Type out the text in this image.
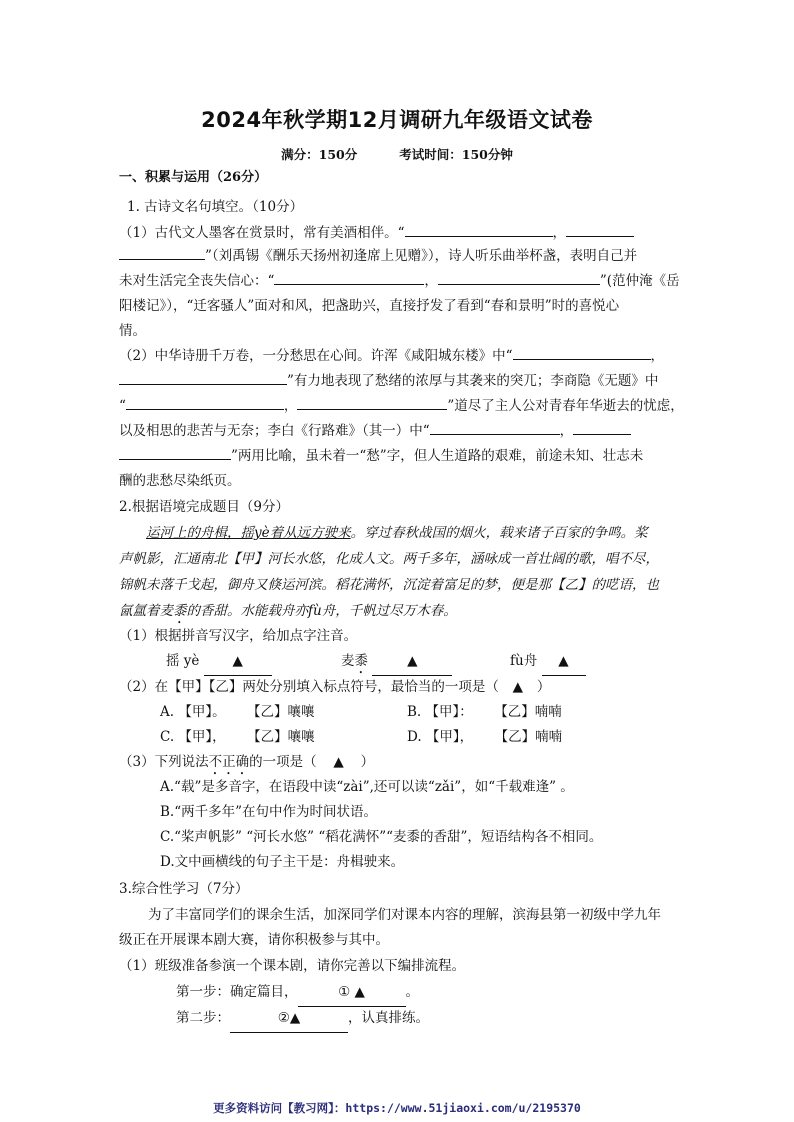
2024年秋学期12月调研九年级语文试卷
满分：150分	考试时间：150分钟
一、积累与运用（26分）
1. 古诗文名句填空。（10分）
（1）古代文人墨客在赏景时，常有美酒相伴。“	，
”（刘禹锡《酬乐天扬州初逢席上见赠》），诗人听乐曲举杯盏，表明自己并
未对生活完全丧失信心：“	，	”(范仲淹《岳
阳楼记》），“迁客骚人”面对和风，把盏助兴，直接抒发了看到“春和景明”时的喜悦心
情。
（2）中华诗册千万卷，一分愁思在心间。许浑《咸阳城东楼》中“	，
”有力地表现了愁绪的浓厚与其袭来的突兀；李商隐《无题》中
“	，	”道尽了主人公对青春年华逝去的忧虑，
以及相思的悲苦与无奈；李白《行路难》（其一）中“	，
”两用比喻，虽未着一“愁”字，但人生道路的艰难，前途未知、壮志未
酬的悲愁尽染纸页。
2.根据语境完成题目（9分）
运河上的舟楫，摇yè着从远方驶来。穿过春秋战国的烟火，载来诸子百家的争鸣。桨
声帆影，汇通南北【甲】河长水悠，化成人文。两千多年，涵咏成一首壮阔的歌，唱不尽，
锦帆未落千戈起，御舟又倏运河滨。稻花满怀，沉淀着富足的梦，便是那【乙】的呓语，也
氤氲着麦黍的香甜。水能载舟亦fù舟，千帆过尽万木春。
（1）根据拼音写汉字，给加点字注音。
摇 yè ▲	麦黍	▲	fù舟 ▲
（2）在【甲】【乙】两处分别填入标点符号，最恰当的一项是（ ▲ ）
A. 【甲】。     【乙】嚷嚷	B. 【甲】：     【乙】喃喃
C. 【甲】，     【乙】嚷嚷	D. 【甲】，     【乙】喃喃
（3）下列说法不正确的一项是（ ▲ ）
A.“载”是多音字，在语段中读“zài”,还可以读“zǎi”，如“千载难逢” 。
B.“两千多年”在句中作为时间状语。
C.“桨声帆影” “河长水悠” “稻花满怀”“麦黍的香甜”，短语结构各不相同。
D.文中画横线的句子主干是：舟楫驶来。
3.综合性学习（7分）
为了丰富同学们的课余生活，加深同学们对课本内容的理解，滨海县第一初级中学九年
级正在开展课本剧大赛，请你积极参与其中。
（1）班级准备参演一个课本剧，请你完善以下编排流程。
第一步：确定篇目，	① ▲	。
第二步：	②▲	，认真排练。
更多资料访问【教习网】：https://www.51jiaoxi.com/u/2195370
